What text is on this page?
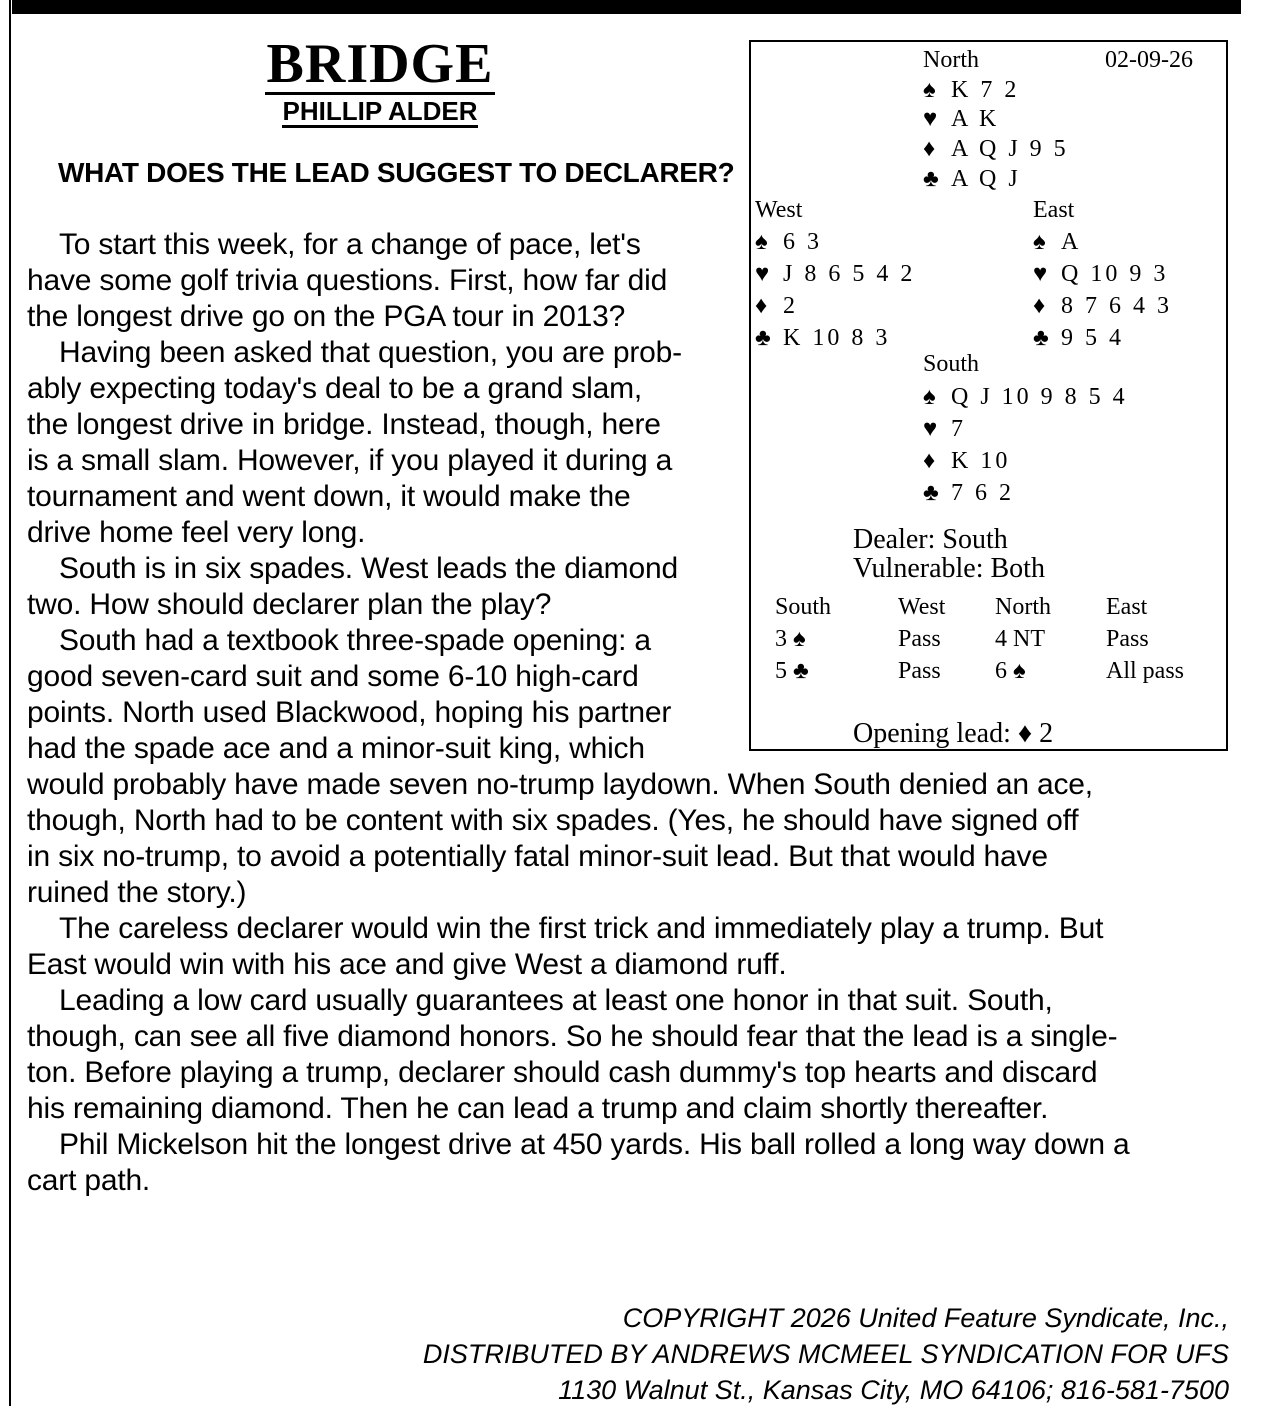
BRIDGE
PHILLIP ALDER
WHAT DOES THE LEAD SUGGEST TO DECLARER?
To start this week, for a change of pace, let's
have some golf trivia questions. First, how far did
the longest drive go on the PGA tour in 2013?
Having been asked that question, you are prob-
ably expecting today's deal to be a grand slam,
the longest drive in bridge. Instead, though, here
is a small slam. However, if you played it during a
tournament and went down, it would make the
drive home feel very long.
South is in six spades. West leads the diamond
two. How should declarer plan the play?
South had a textbook three-spade opening: a
good seven-card suit and some 6-10 high-card
points. North used Blackwood, hoping his partner
had the spade ace and a minor-suit king, which
would probably have made seven no-trump laydown. When South denied an ace,
though, North had to be content with six spades. (Yes, he should have signed off
in six no-trump, to avoid a potentially fatal minor-suit lead. But that would have
ruined the story.)
The careless declarer would win the first trick and immediately play a trump. But
East would win with his ace and give West a diamond ruff.
Leading a low card usually guarantees at least one honor in that suit. South,
though, can see all five diamond honors. So he should fear that the lead is a single-
ton. Before playing a trump, declarer should cash dummy's top hearts and discard
his remaining diamond. Then he can lead a trump and claim shortly thereafter.
Phil Mickelson hit the longest drive at 450 yards. His ball rolled a long way down a
cart path.
North	02-09-26
♠ K 7 2
♥ A K
♦ A Q J 9 5
♣ A Q J
West	East
♠ 6 3
♥ J 8 6 5 4 2
♦ 2
♣ K 10 8 3
♠ A
♥ Q 10 9 3
♦ 8 7 6 4 3
♣ 9 5 4
South
♠ Q J 10 9 8 5 4
♥ 7
♦ K 10
♣ 7 6 2
Dealer: South
Vulnerable: Both
South	West North East
3 ♠	Pass 4 NT	Pass
5 ♣	Pass 6 ♠	All pass
Opening lead: ♦ 2
COPYRIGHT 2026 United Feature Syndicate, Inc.,
DISTRIBUTED BY ANDREWS MCMEEL SYNDICATION FOR UFS
1130 Walnut St., Kansas City, MO 64106; 816-581-7500
